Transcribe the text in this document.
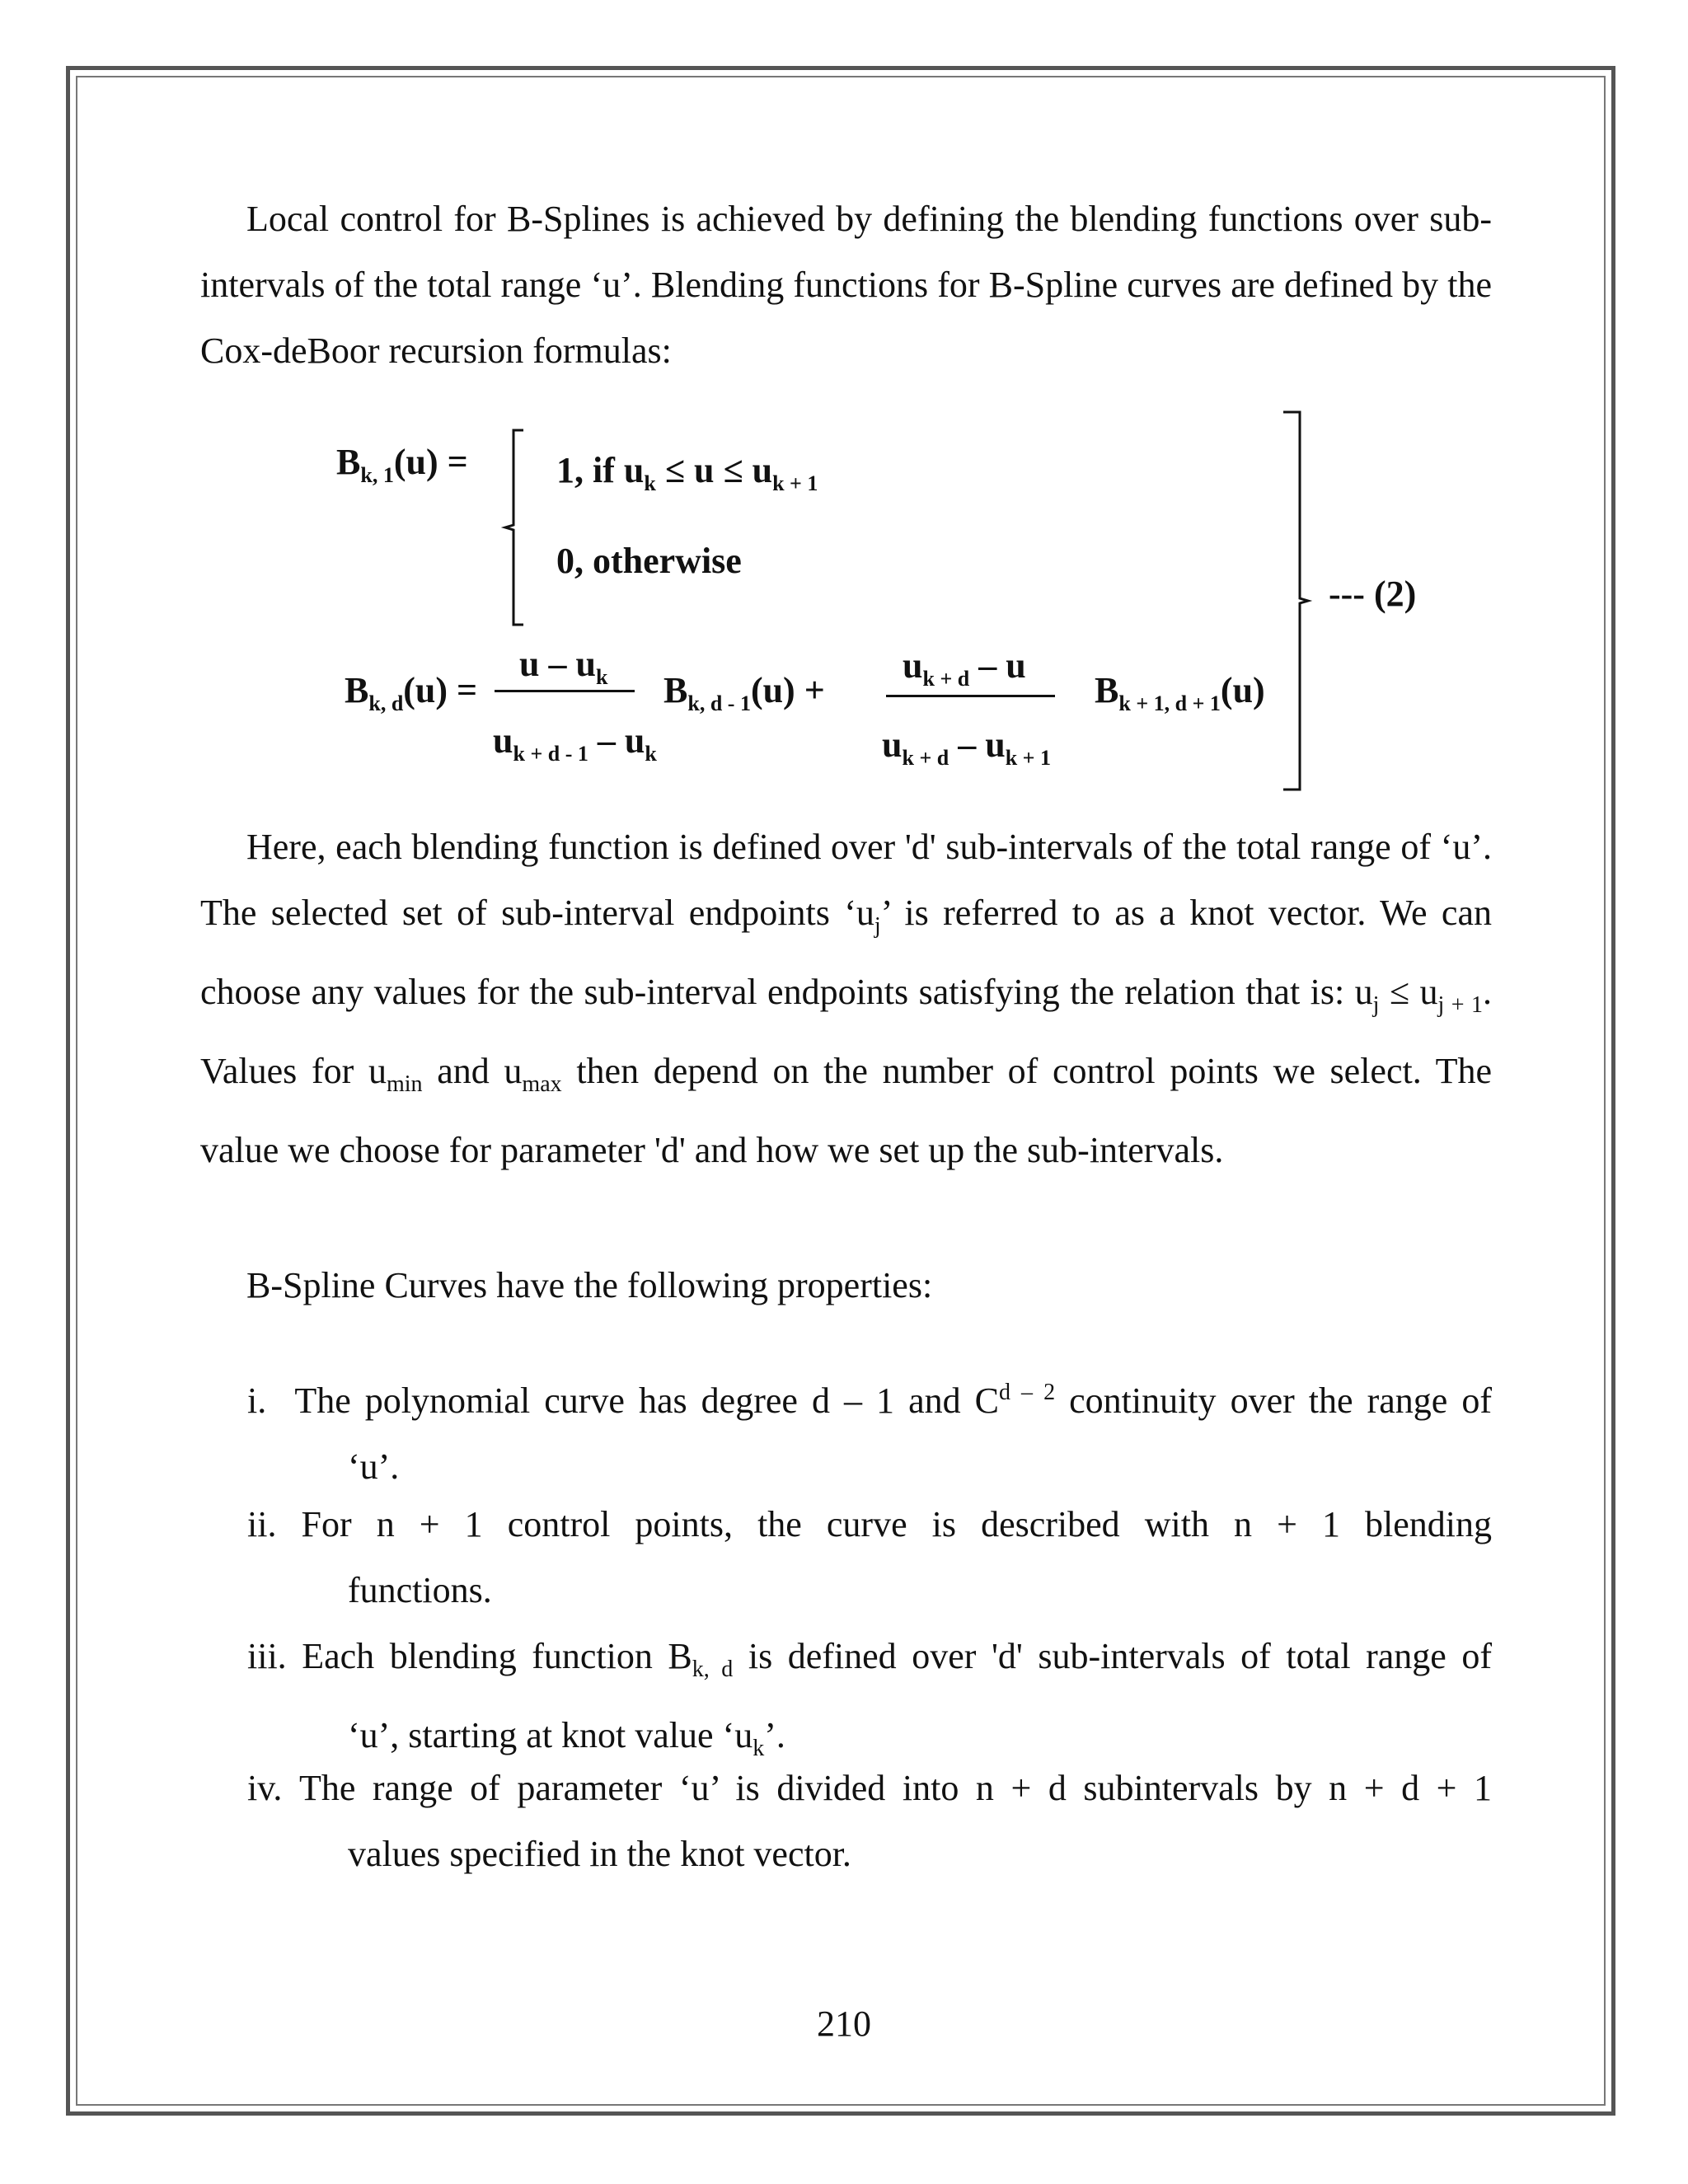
Local control for B-Splines is achieved by defining the blending functions over sub-intervals of the total range ‘u’. Blending functions for B-Spline curves are defined by the Cox-deBoor recursion formulas:

$B_{k, 1}(u) = 1$, if $u_k \le u \le u_{k + 1}$
0, otherwise
$B_{k, d}(u)$ =
u – $u_k$
$u_{k + d - 1} - u_k$
$B_{k, d - 1}(u)$ +
$u_{k + d}$ – u
$u_{k + d} - u_{k + 1}$
$B_{k + 1, d + 1}(u)$
--- (2)

Here, each blending function is defined over 'd' sub-intervals of the total range of ‘u’. The selected set of sub-interval endpoints ‘$u_j$’ is referred to as a knot vector. We can choose any values for the sub-interval endpoints satisfying the relation that is: $u_j \le u_{j + 1}$. Values for $u_{min}$ and $u_{max}$ then depend on the number of control points we select. The value we choose for parameter 'd' and how we set up the sub-intervals.

B-Spline Curves have the following properties:

i. The polynomial curve has degree d – 1 and $C^{d - 2}$ continuity over the range of
‘u’.
ii. For n + 1 control points, the curve is described with n + 1 blending
functions.
iii. Each blending function $B_{k, d}$ is defined over 'd' sub-intervals of total range of
‘u’, starting at knot value ‘$u_k$’.
iv. The range of parameter ‘u’ is divided into n + d subintervals by n + d + 1
values specified in the knot vector.
210
